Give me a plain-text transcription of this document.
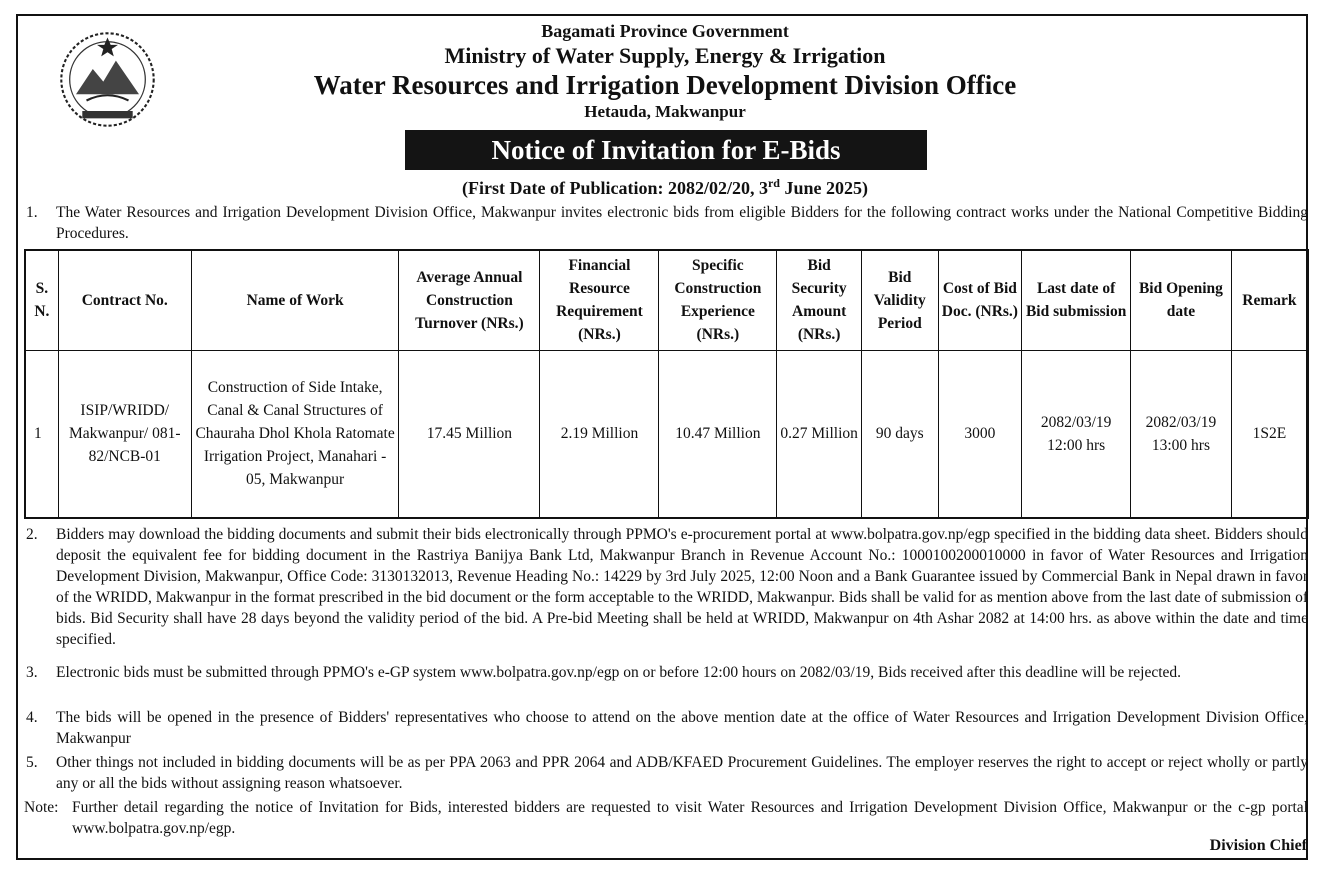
Bagamati Province Government
Ministry of Water Supply, Energy & Irrigation
Water Resources and Irrigation Development Division Office
Hetauda, Makwanpur
Notice of Invitation for E-Bids
(First Date of Publication: 2082/02/20, 3rd June 2025)
1. The Water Resources and Irrigation Development Division Office, Makwanpur invites electronic bids from eligible Bidders for the following contract works under the National Competitive Bidding Procedures.
S. N.	Contract No.	Name of Work	Average Annual Construction Turnover (NRs.)	Financial Resource Requirement (NRs.)	Specific Construction Experience (NRs.)	Bid Security Amount (NRs.)	Bid Validity Period	Cost of Bid Doc. (NRs.)	Last date of Bid submission	Bid Opening date	Remark
1	ISIP/WRIDD/ Makwanpur/ 081-82/NCB-01	Construction of Side Intake, Canal & Canal Structures of Chauraha Dhol Khola Ratomate Irrigation Project, Manahari - 05, Makwanpur	17.45 Million	2.19 Million	10.47 Million	0.27 Million	90 days	3000	2082/03/19 12:00 hrs	2082/03/19 13:00 hrs	1S2E
2. Bidders may download the bidding documents and submit their bids electronically through PPMO's e-procurement portal at www.bolpatra.gov.np/egp specified in the bidding data sheet. Bidders should deposit the equivalent fee for bidding document in the Rastriya Banijya Bank Ltd, Makwanpur Branch in Revenue Account No.: 1000100200010000 in favor of Water Resources and Irrigation Development Division, Makwanpur, Office Code: 3130132013, Revenue Heading No.: 14229 by 3rd July 2025, 12:00 Noon and a Bank Guarantee issued by Commercial Bank in Nepal drawn in favor of the WRIDD, Makwanpur in the format prescribed in the bid document or the form acceptable to the WRIDD, Makwanpur. Bids shall be valid for as mention above from the last date of submission of bids. Bid Security shall have 28 days beyond the validity period of the bid. A Pre-bid Meeting shall be held at WRIDD, Makwanpur on 4th Ashar 2082 at 14:00 hrs. as above within the date and time specified.
3. Electronic bids must be submitted through PPMO's e-GP system www.bolpatra.gov.np/egp on or before 12:00 hours on 2082/03/19, Bids received after this deadline will be rejected.
4. The bids will be opened in the presence of Bidders' representatives who choose to attend on the above mention date at the office of Water Resources and Irrigation Development Division Office, Makwanpur
5. Other things not included in bidding documents will be as per PPA 2063 and PPR 2064 and ADB/KFAED Procurement Guidelines. The employer reserves the right to accept or reject wholly or partly any or all the bids without assigning reason whatsoever.
Note: Further detail regarding the notice of Invitation for Bids, interested bidders are requested to visit Water Resources and Irrigation Development Division Office, Makwanpur or the c-gp portal www.bolpatra.gov.np/egp.
Division Chief
